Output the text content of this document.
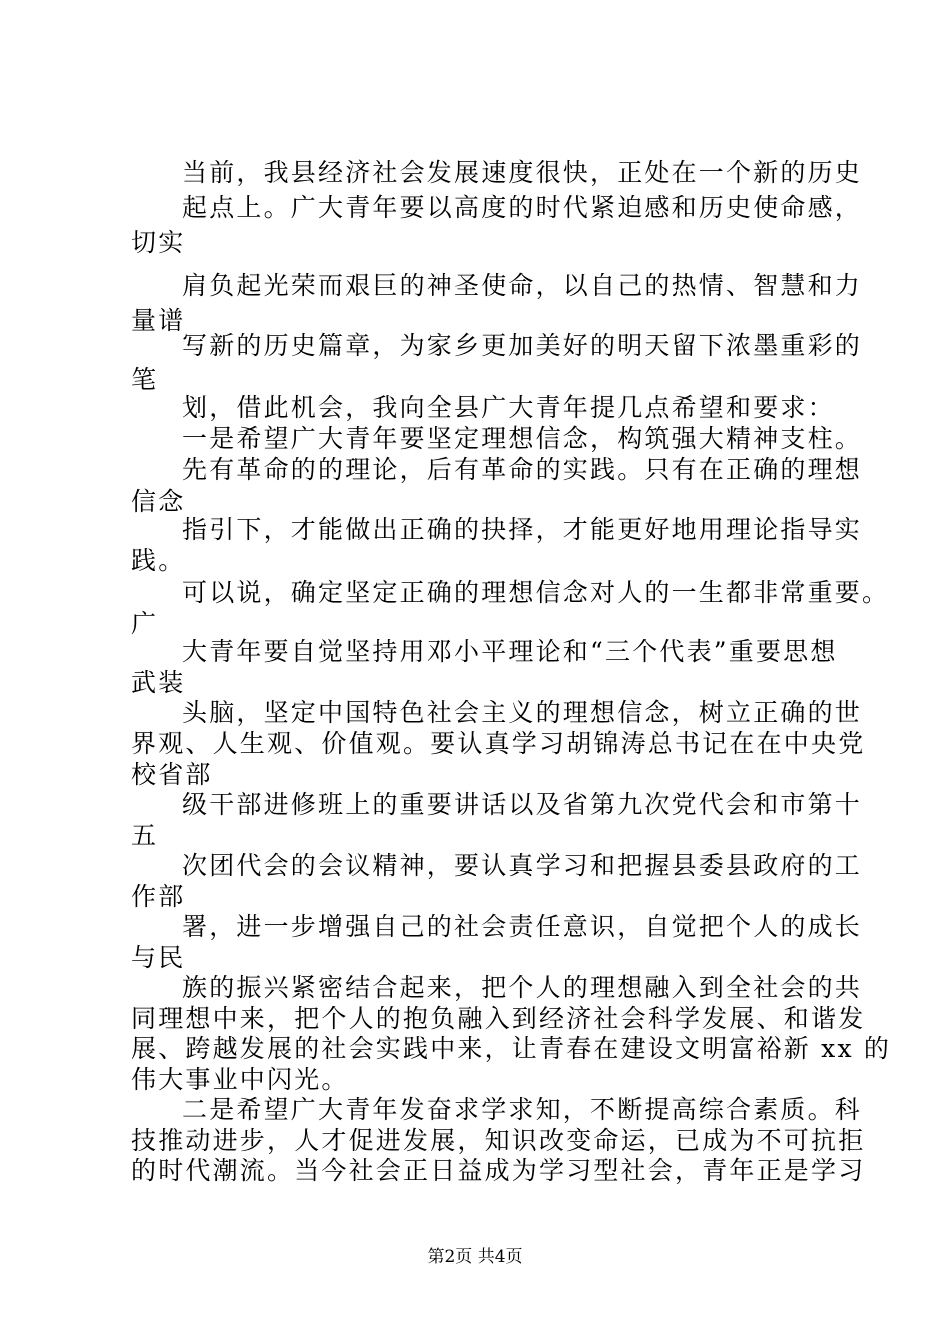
当前，我县经济社会发展速度很快，正处在一个新的历史
起点上。广大青年要以高度的时代紧迫感和历史使命感，
切实
肩负起光荣而艰巨的神圣使命，以自己的热情、智慧和力
量谱
写新的历史篇章，为家乡更加美好的明天留下浓墨重彩的
笔
划，借此机会，我向全县广大青年提几点希望和要求：
一是希望广大青年要坚定理想信念，构筑强大精神支柱。
先有革命的的理论，后有革命的实践。只有在正确的理想
信念
指引下，才能做出正确的抉择，才能更好地用理论指导实
践。
可以说，确定坚定正确的理想信念对人的一生都非常重要。
广
大青年要自觉坚持用邓小平理论和“三个代表”重要思想
武装
头脑，坚定中国特色社会主义的理想信念，树立正确的世
界观、人生观、价值观。要认真学习胡锦涛总书记在在中央党
校省部
级干部进修班上的重要讲话以及省第九次党代会和市第十
五
次团代会的会议精神，要认真学习和把握县委县政府的工
作部
署，进一步增强自己的社会责任意识，自觉把个人的成长
与民
族的振兴紧密结合起来，把个人的理想融入到全社会的共
同理想中来，把个人的抱负融入到经济社会科学发展、和谐发
展、跨越发展的社会实践中来，让青春在建设文明富裕新 xx 的
伟大事业中闪光。
二是希望广大青年发奋求学求知，不断提高综合素质。科
技推动进步，人才促进发展，知识改变命运，已成为不可抗拒
的时代潮流。当今社会正日益成为学习型社会，青年正是学习
第2页 共4页
